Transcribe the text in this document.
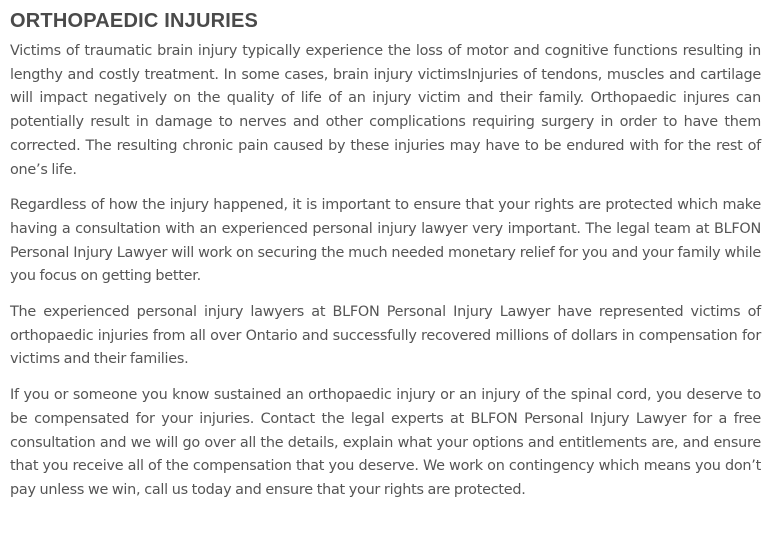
ORTHOPAEDIC INJURIES

Victims of traumatic brain injury typically experience the loss of motor and cognitive functions resulting in lengthy and costly treatment. In some cases, brain injury victimsInjuries of tendons, muscles and cartilage will impact negatively on the quality of life of an injury victim and their family. Orthopaedic injures can potentially result in damage to nerves and other complications requiring surgery in order to have them corrected. The resulting chronic pain caused by these injuries may have to be endured with for the rest of one’s life.

Regardless of how the injury happened, it is important to ensure that your rights are protected which make having a consultation with an experienced personal injury lawyer very important. The legal team at BLFON Personal Injury Lawyer will work on securing the much needed monetary relief for you and your family while you focus on getting better.

The experienced personal injury lawyers at BLFON Personal Injury Lawyer have represented victims of orthopaedic injuries from all over Ontario and successfully recovered millions of dollars in compensation for victims and their families.

If you or someone you know sustained an orthopaedic injury or an injury of the spinal cord, you deserve to be compensated for your injuries. Contact the legal experts at BLFON Personal Injury Lawyer for a free consultation and we will go over all the details, explain what your options and entitlements are, and ensure that you receive all of the compensation that you deserve. We work on contingency which means you don’t pay unless we win, call us today and ensure that your rights are protected.
